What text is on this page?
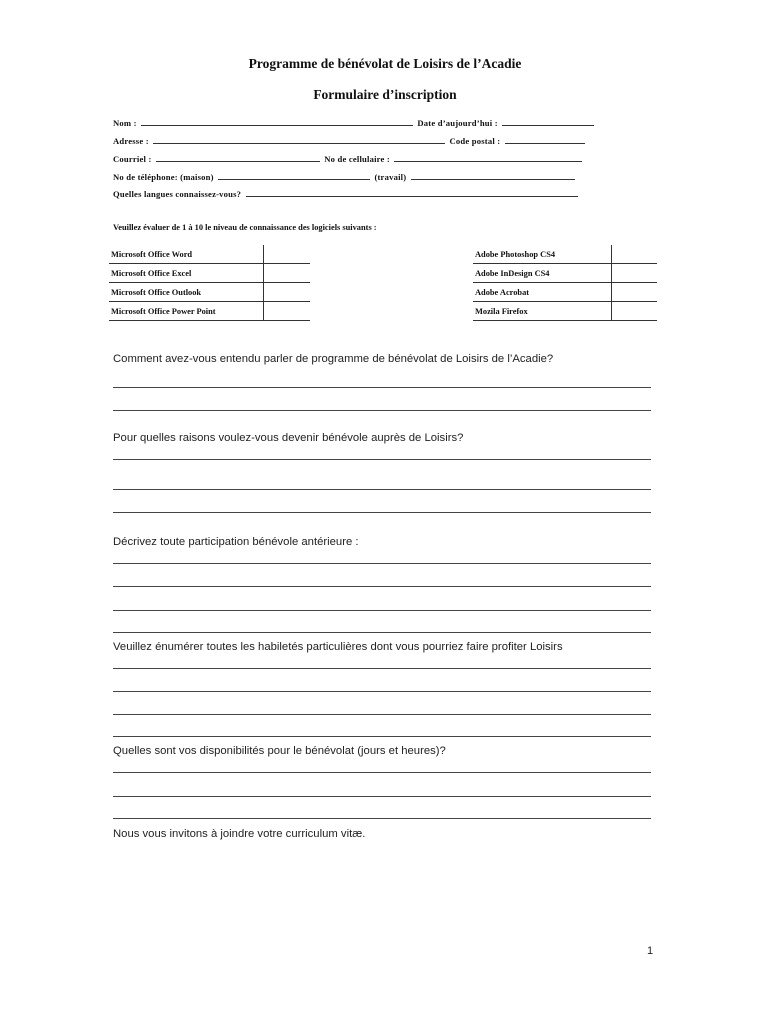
Programme de bénévolat de Loisirs de l’Acadie
Formulaire d’inscription
Nom :	Date d’aujourd’hui :
Adresse :	Code postal :
Courriel :	No de cellulaire :
No de téléphone: (maison)	(travail)
Quelles langues connaissez-vous?
Veuillez évaluer de 1 à 10 le niveau de connaissance des logiciels suivants :
Microsoft Office Word	
Microsoft Office Excel	
Microsoft Office Outlook	
Microsoft Office Power Point	
Adobe Photoshop CS4	
Adobe InDesign CS4	
Adobe Acrobat	
Mozila Firefox	
Comment avez-vous entendu parler de programme de bénévolat de Loisirs de l’Acadie?
Pour quelles raisons voulez-vous devenir bénévole auprès de Loisirs?
Décrivez toute participation bénévole antérieure :
Veuillez énumérer toutes les habiletés particulières dont vous pourriez faire profiter Loisirs
Quelles sont vos disponibilités pour le bénévolat (jours et heures)?
Nous vous invitons à joindre votre curriculum vitæ.
1
